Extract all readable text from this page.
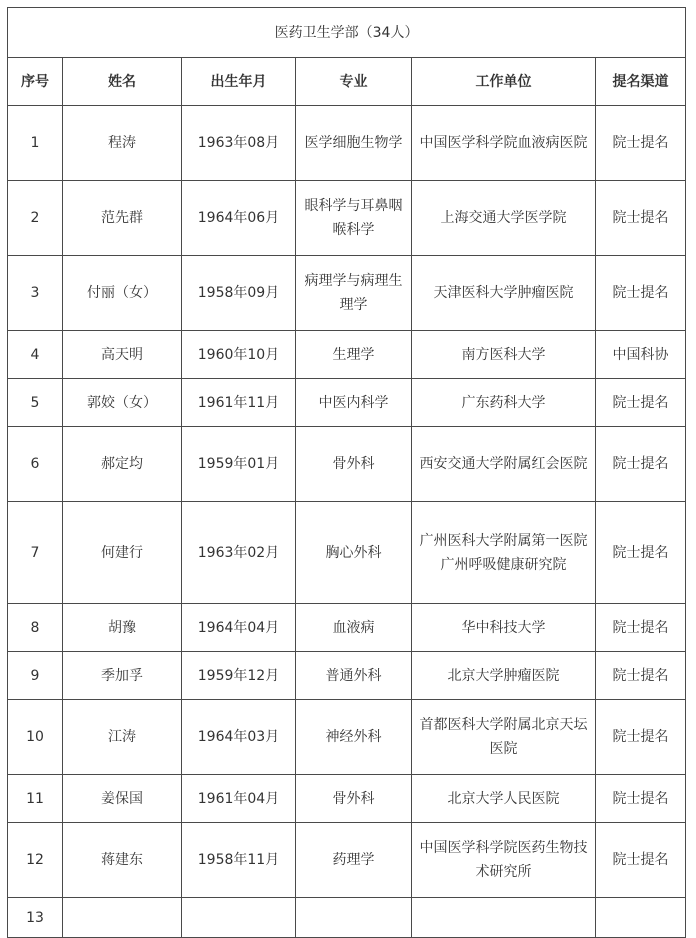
医药卫生学部（34人）					
序号	姓名	出生年月	专业	工作单位	提名渠道
1	程涛	1963年08月	医学细胞生物学	中国医学科学院血液病医院	院士提名
2	范先群	1964年06月	眼科学与耳鼻咽喉科学	上海交通大学医学院	院士提名
3	付丽（女）	1958年09月	病理学与病理生理学	天津医科大学肿瘤医院	院士提名
4	高天明	1960年10月	生理学	南方医科大学	中国科协
5	郭姣（女）	1961年11月	中医内科学	广东药科大学	院士提名
6	郝定均	1959年01月	骨外科	西安交通大学附属红会医院	院士提名
7	何建行	1963年02月	胸心外科	广州医科大学附属第一医院广州呼吸健康研究院	院士提名
8	胡豫	1964年04月	血液病	华中科技大学	院士提名
9	季加孚	1959年12月	普通外科	北京大学肿瘤医院	院士提名
10	江涛	1964年03月	神经外科	首都医科大学附属北京天坛医院	院士提名
11	姜保国	1961年04月	骨外科	北京大学人民医院	院士提名
12	蒋建东	1958年11月	药理学	中国医学科学院医药生物技术研究所	院士提名
13					
